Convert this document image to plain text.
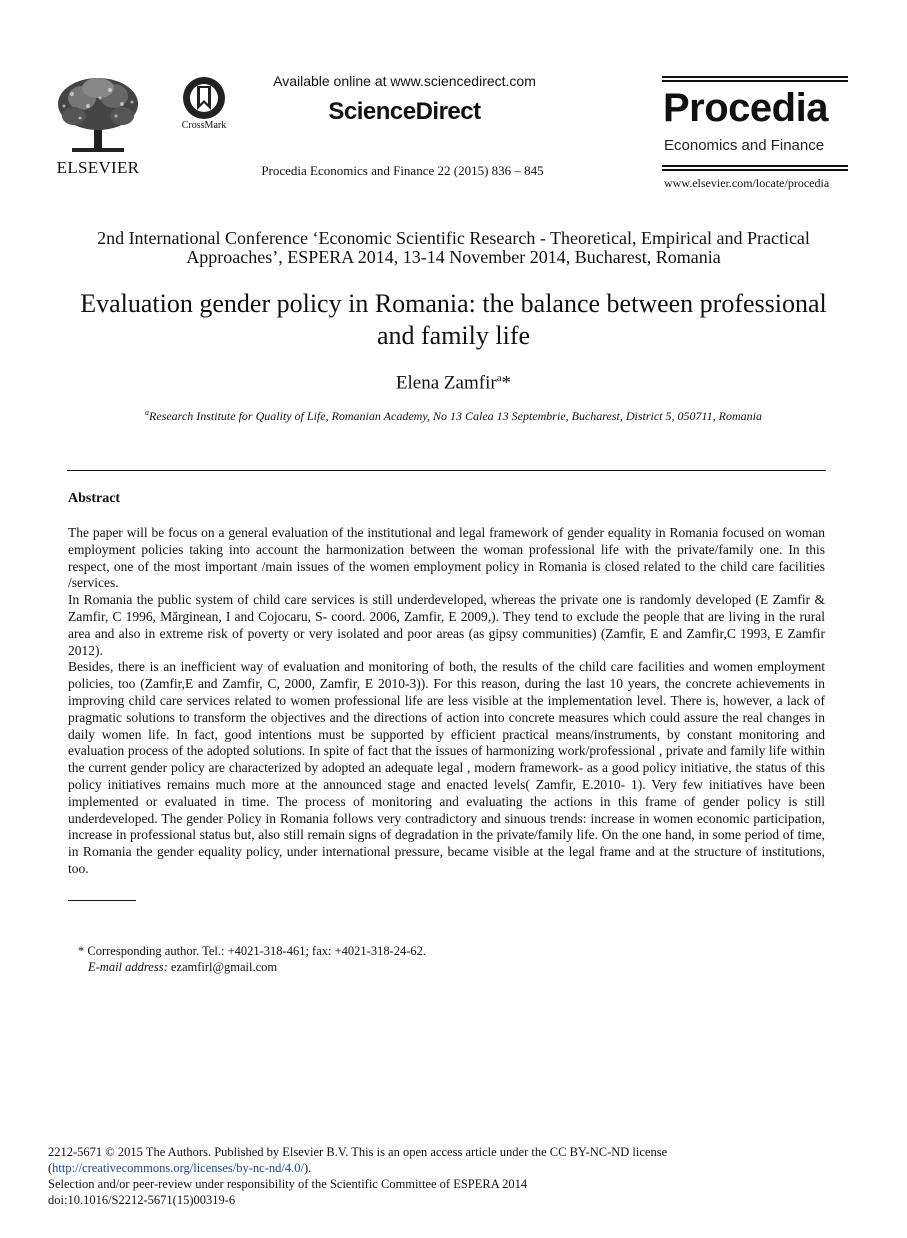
ELSEVIER
CrossMark
Available online at www.sciencedirect.com
ScienceDirect
Procedia Economics and Finance 22 (2015) 836 – 845
Procedia
Economics and Finance
www.elsevier.com/locate/procedia
2nd International Conference ‘Economic Scientific Research - Theoretical, Empirical and Practical Approaches’, ESPERA 2014, 13-14 November 2014, Bucharest, Romania
Evaluation gender policy in Romania: the balance between professional and family life
Elena Zamfir$^a$*
$^a$Research Institute for Quality of Life, Romanian Academy, No 13 Calea 13 Septembrie, Bucharest, District 5, 050711, Romania
Abstract

The paper will be focus on a general evaluation of the institutional and legal framework of gender equality in Romania focused on woman employment policies taking into account the harmonization between the woman professional life with the private/family one. In this respect, one of the most important /main issues of the women employment policy in Romania is closed related to the child care facilities /services.

In Romania the public system of child care services is still underdeveloped, whereas the private one is randomly developed (E Zamfir & Zamfir, C 1996, Mărginean, I and Cojocaru, S- coord. 2006, Zamfir, E 2009,). They tend to exclude the people that are living in the rural area and also in extreme risk of poverty or very isolated and poor areas (as gipsy communities) (Zamfir, E and Zamfir,C 1993, E Zamfir 2012).

Besides, there is an inefficient way of evaluation and monitoring of both, the results of the child care facilities and women employment policies, too (Zamfir,E and Zamfir, C, 2000, Zamfir, E 2010-3)). For this reason, during the last 10 years, the concrete achievements in improving child care services related to women professional life are less visible at the implementation level. There is, however, a lack of pragmatic solutions to transform the objectives and the directions of action into concrete measures which could assure the real changes in daily women life. In fact, good intentions must be supported by efficient practical means/instruments, by constant monitoring and evaluation process of the adopted solutions. In spite of fact that the issues of harmonizing work/professional , private and family life within the current gender policy are characterized by adopted an adequate legal , modern framework- as a good policy initiative, the status of this policy initiatives remains much more at the announced stage and enacted levels( Zamfir, E.2010- 1). Very few initiatives have been implemented or evaluated in time. The process of monitoring and evaluating the actions in this frame of gender policy is still underdeveloped. The gender Policy in Romania follows very contradictory and sinuous trends: increase in women economic participation, increase in professional status but, also still remain signs of degradation in the private/family life. On the one hand, in some period of time, in Romania the gender equality policy, under international pressure, became visible at the legal frame and at the structure of institutions, too.

* Corresponding author. Tel.: +4021-318-461; fax: +4021-318-24-62.
E-mail address: ezamfirl@gmail.com
2212-5671 © 2015 The Authors. Published by Elsevier B.V. This is an open access article under the CC BY-NC-ND license
(http://creativecommons.org/licenses/by-nc-nd/4.0/).
Selection and/or peer-review under responsibility of the Scientific Committee of ESPERA 2014
doi:10.1016/S2212-5671(15)00319-6
